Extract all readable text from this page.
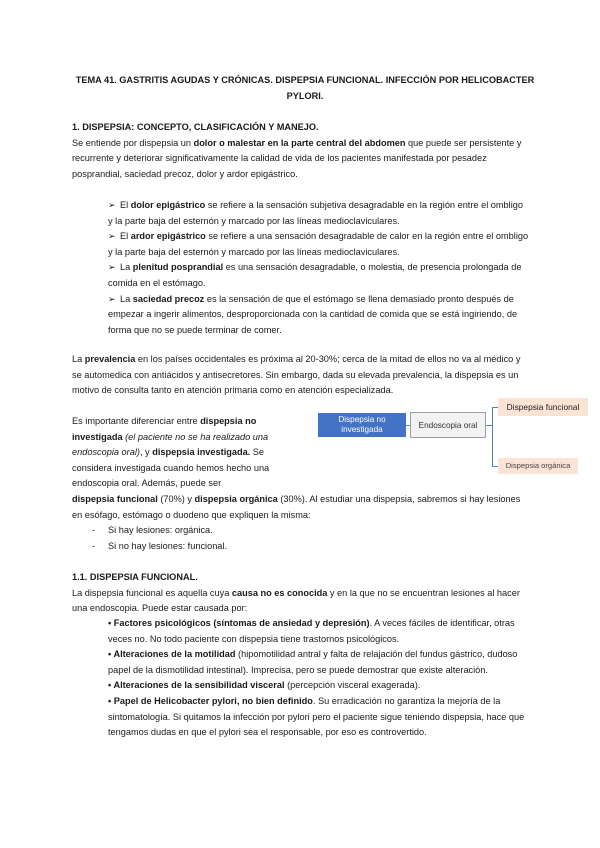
TEMA 41. GASTRITIS AGUDAS Y CRÓNICAS. DISPEPSIA FUNCIONAL. INFECCIÓN POR HELICOBACTER
PYLORI.

1. DISPEPSIA: CONCEPTO, CLASIFICACIÓN Y MANEJO.

Se entiende por dispepsia un dolor o malestar en la parte central del abdomen que puede ser persistente y recurrente y deteriorar significativamente la calidad de vida de los pacientes manifestada por pesadez posprandial, saciedad precoz, dolor y ardor epigástrico.

➢ El dolor epigástrico se refiere a la sensación subjetiva desagradable en la región entre el ombligo y la parte baja del esternón y marcado por las líneas medioclaviculares.

➢ El ardor epigástrico se refiere a una sensación desagradable de calor en la región entre el ombligo y la parte baja del esternón y marcado por las líneas medioclaviculares.

➢ La plenitud posprandial es una sensación desagradable, o molestia, de presencia prolongada de comida en el estómago.

➢ La saciedad precoz es la sensación de que el estómago se llena demasiado pronto después de empezar a ingerir alimentos, desproporcionada con la cantidad de comida que se está ingiriendo, de forma que no se puede terminar de comer.

La prevalencia en los países occidentales es próxima al 20-30%; cerca de la mitad de ellos no va al médico y se automedica con antiácidos y antisecretores. Sin embargo, dada su elevada prevalencia, la dispepsia es un motivo de consulta tanto en atención primaria como en atención especializada.

Es importante diferenciar entre dispepsia no investigada (el paciente no se ha realizado una endoscopia oral), y dispepsia investigada. Se considera investigada cuando hemos hecho una endoscopia oral. Además, puede ser

dispepsia funcional (70%) y dispepsia orgánica (30%). Al estudiar una dispepsia, sabremos si hay lesiones en esófago, estómago o duodeno que expliquen la misma:

- Si hay lesiones: orgánica.

- Si no hay lesiones: funcional.

Dispepsia no investigada	Endoscopia oral
Dispepsia funcional
Dispepsia orgánica

1.1. DISPEPSIA FUNCIONAL.

La dispepsia funcional es aquella cuya causa no es conocida y en la que no se encuentran lesiones al hacer una endoscopia. Puede estar causada por:

• Factores psicológicos (síntomas de ansiedad y depresión). A veces fáciles de identificar, otras veces no. No todo paciente con dispepsia tiene trastornos psicológicos.

• Alteraciones de la motilidad (hipomotilidad antral y falta de relajación del fundus gástrico, dudoso papel de la dismotilidad intestinal). Imprecisa, pero se puede demostrar que existe alteración.

• Alteraciones de la sensibilidad visceral (percepción visceral exagerada).

• Papel de Helicobacter pylori, no bien definido. Su erradicación no garantiza la mejoría de la sintomatología. Si quitamos la infección por pylori pero el paciente sigue teniendo dispepsia, hace que tengamos dudas en que el pylori sea el responsable, por eso es controvertido.
